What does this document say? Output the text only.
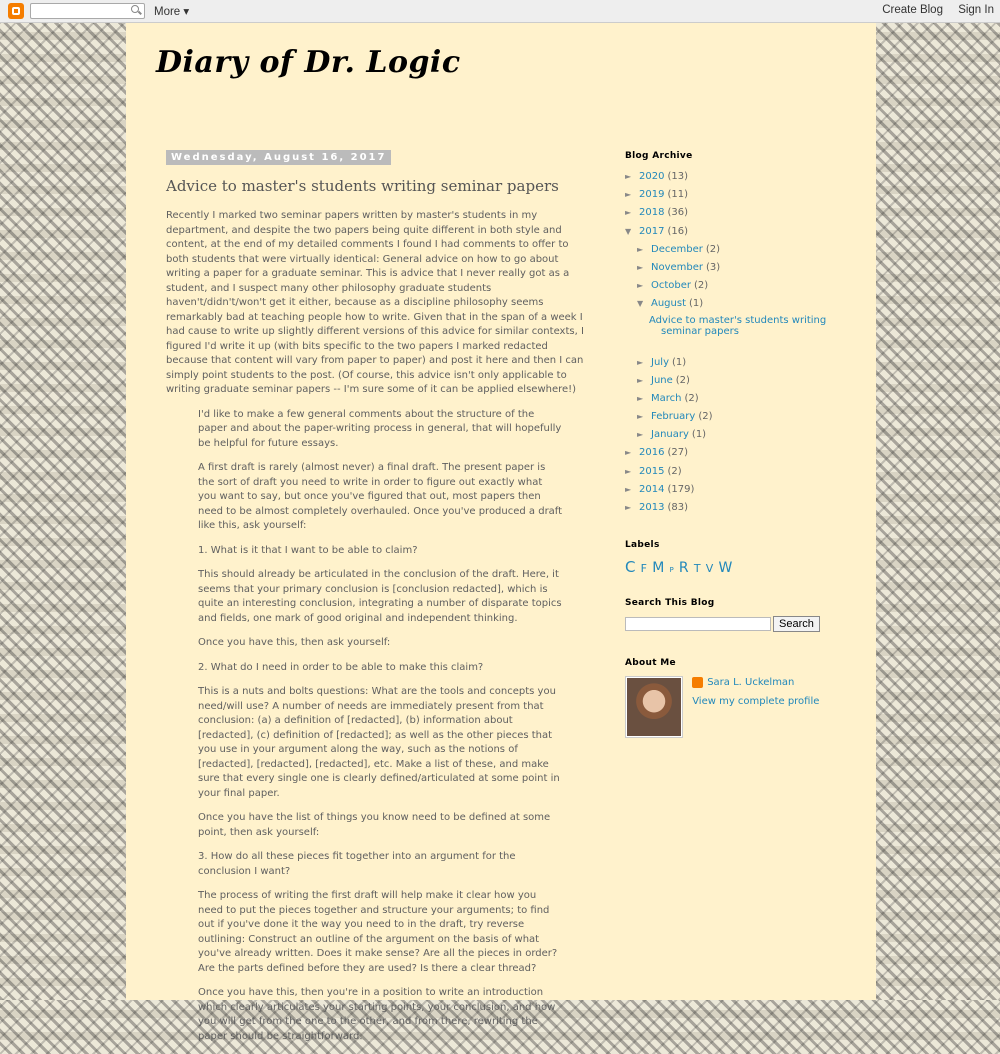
More ▾	Create Blog Sign In
Diary of Dr. Logic
Wednesday, August 16, 2017
Advice to master's students writing seminar papers

Recently I marked two seminar papers written by master's students in my department, and despite the two papers being quite different in both style and content, at the end of my detailed comments I found I had comments to offer to both students that were virtually identical: General advice on how to go about writing a paper for a graduate seminar. This is advice that I never really got as a student, and I suspect many other philosophy graduate students haven't/didn't/won't get it either, because as a discipline philosophy seems remarkably bad at teaching people how to write. Given that in the span of a week I had cause to write up slightly different versions of this advice for similar contexts, I figured I'd write it up (with bits specific to the two papers I marked redacted because that content will vary from paper to paper) and post it here and then I can simply point students to the post. (Of course, this advice isn't only applicable to writing graduate seminar papers -- I'm sure some of it can be applied elsewhere!)

I'd like to make a few general comments about the structure of the paper and about the paper-writing process in general, that will hopefully be helpful for future essays.

A first draft is rarely (almost never) a final draft. The present paper is the sort of draft you need to write in order to figure out exactly what you want to say, but once you've figured that out, most papers then need to be almost completely overhauled. Once you've produced a draft like this, ask yourself:

1. What is it that I want to be able to claim?

This should already be articulated in the conclusion of the draft. Here, it seems that your primary conclusion is [conclusion redacted], which is quite an interesting conclusion, integrating a number of disparate topics and fields, one mark of good original and independent thinking.

Once you have this, then ask yourself:

2. What do I need in order to be able to make this claim?

This is a nuts and bolts questions: What are the tools and concepts you need/will use? A number of needs are immediately present from that conclusion: (a) a definition of [redacted], (b) information about [redacted], (c) definition of [redacted]; as well as the other pieces that you use in your argument along the way, such as the notions of [redacted], [redacted], [redacted], etc. Make a list of these, and make sure that every single one is clearly defined/articulated at some point in your final paper.

Once you have the list of things you know need to be defined at some point, then ask yourself:

3. How do all these pieces fit together into an argument for the conclusion I want?

The process of writing the first draft will help make it clear how you need to put the pieces together and structure your arguments; to find out if you've done it the way you need to in the draft, try reverse outlining: Construct an outline of the argument on the basis of what you've already written. Does it make sense? Are all the pieces in order? Are the parts defined before they are used? Is there a clear thread?

Once you have this, then you're in a position to write an introduction which clearly articulates your starting points, your conclusion, and how you will get from the one to the other, and from there, rewriting the paper should be straightforward.

Blog Archive
► 2020 (13)
► 2019 (11)
► 2018 (36)
▼ 2017 (16)
► December (2)
► November (3)
► October (2)
▼ August (1)
Advice to master's students writing seminar papers
► July (1)
► June (2)
► March (2)
► February (2)
► January (1)
► 2016 (27)
► 2015 (2)
► 2014 (179)
► 2013 (83)
Labels
C F M P R T V W
Search This Blog
Search
About Me

Sara L. Uckelman
View my complete profile
